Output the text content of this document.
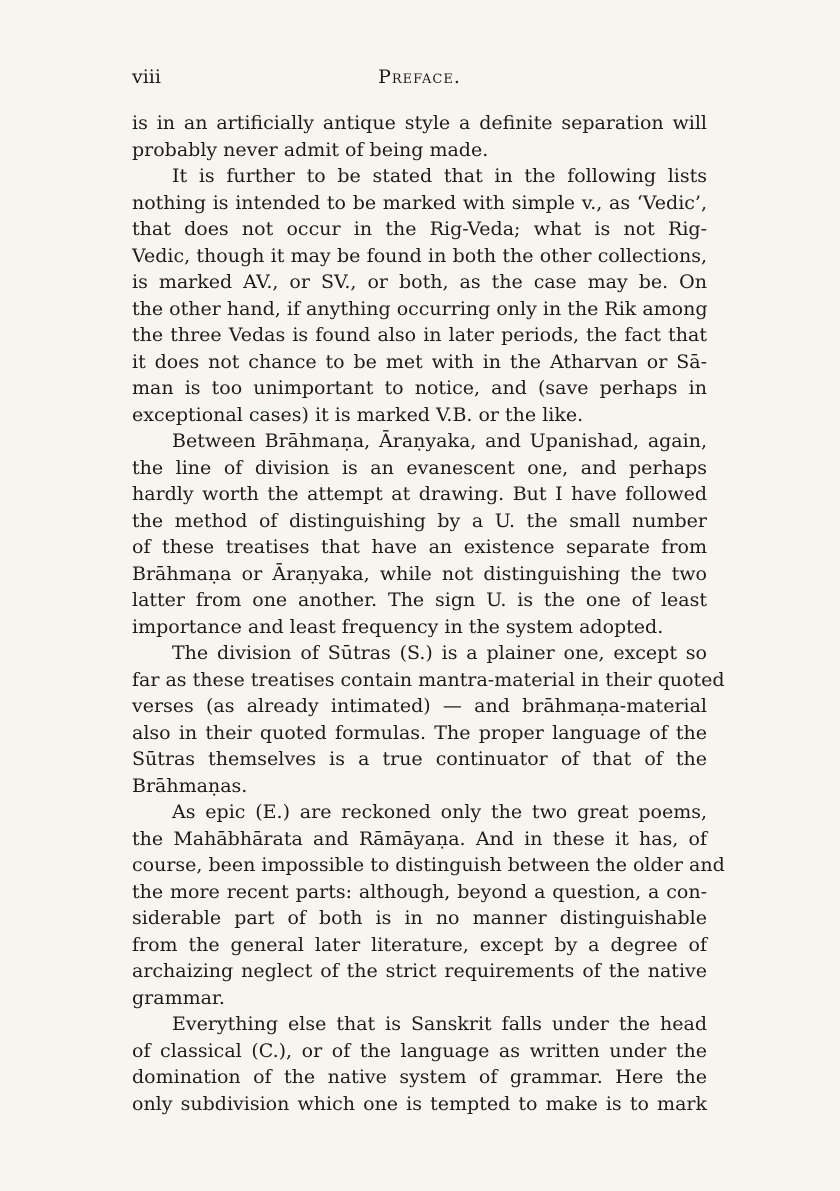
viii	Preface.
is in an artificially antique style a definite separation will
probably never admit of being made.
It is further to be stated that in the following lists
nothing is intended to be marked with simple v., as ‘Vedic’,
that does not occur in the Rig-Veda; what is not Rig-
Vedic, though it may be found in both the other collections,
is marked AV., or SV., or both, as the case may be. On
the other hand, if anything occurring only in the Rik among
the three Vedas is found also in later periods, the fact that
it does not chance to be met with in the Atharvan or Sā-
man is too unimportant to notice, and (save perhaps in
exceptional cases) it is marked V.B. or the like.
Between Brāhmaṇa, Āraṇyaka, and Upanishad, again,
the line of division is an evanescent one, and perhaps
hardly worth the attempt at drawing. But I have followed
the method of distinguishing by a U. the small number
of these treatises that have an existence separate from
Brāhmaṇa or Āraṇyaka, while not distinguishing the two
latter from one another. The sign U. is the one of least
importance and least frequency in the system adopted.
The division of Sūtras (S.) is a plainer one, except so
far as these treatises contain mantra-material in their quoted
verses (as already intimated) — and brāhmaṇa-material
also in their quoted formulas. The proper language of the
Sūtras themselves is a true continuator of that of the
Brāhmaṇas.
As epic (E.) are reckoned only the two great poems,
the Mahābhārata and Rāmāyaṇa. And in these it has, of
course, been impossible to distinguish between the older and
the more recent parts: although, beyond a question, a con-
siderable part of both is in no manner distinguishable
from the general later literature, except by a degree of
archaizing neglect of the strict requirements of the native
grammar.
Everything else that is Sanskrit falls under the head
of classical (C.), or of the language as written under the
domination of the native system of grammar. Here the
only subdivision which one is tempted to make is to mark
